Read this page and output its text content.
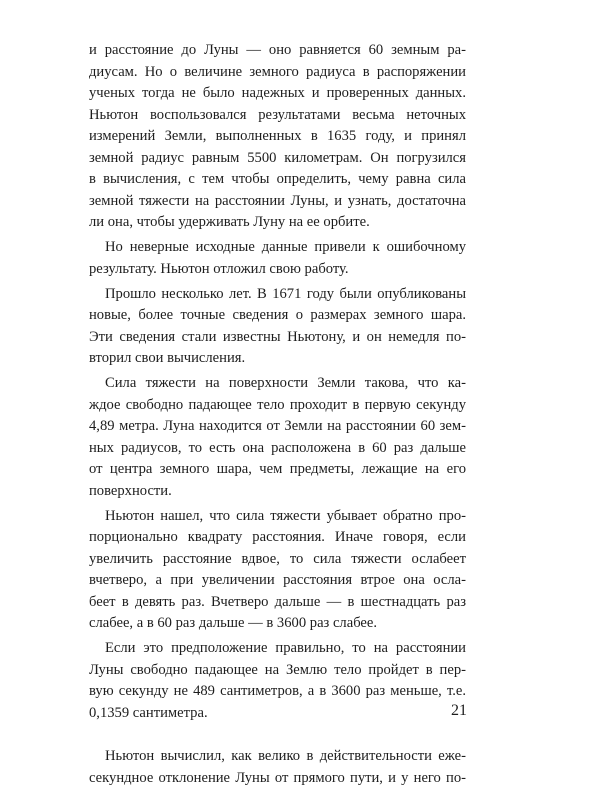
и расстояние до Луны — оно равняется 60 земным ра-
диусам. Но о величине земного радиуса в распоряжении
ученых тогда не было надежных и проверенных данных.
Ньютон воспользовался результатами весьма неточных
измерений Земли, выполненных в 1635 году, и принял
земной радиус равным 5500 километрам. Он погрузился
в вычисления, с тем чтобы определить, чему равна сила
земной тяжести на расстоянии Луны, и узнать, достаточна
ли она, чтобы удерживать Луну на ее орбите.
Но неверные исходные данные привели к ошибочному
результату. Ньютон отложил свою работу.
Прошло несколько лет. В 1671 году были опубликованы
новые, более точные сведения о размерах земного шара.
Эти сведения стали известны Ньютону, и он немедля по-
вторил свои вычисления.
Сила тяжести на поверхности Земли такова, что ка-
ждое свободно падающее тело проходит в первую секунду
4,89 метра. Луна находится от Земли на расстоянии 60 зем-
ных радиусов, то есть она расположена в 60 раз дальше
от центра земного шара, чем предметы, лежащие на его
поверхности.
Ньютон нашел, что сила тяжести убывает обратно про-
порционально квадрату расстояния. Иначе говоря, если
увеличить расстояние вдвое, то сила тяжести ослабеет
вчетверо, а при увеличении расстояния втрое она осла-
беет в девять раз. Вчетверо дальше — в шестнадцать раз
слабее, а в 60 раз дальше — в 3600 раз слабее.
Если это предположение правильно, то на расстоянии
Луны свободно падающее на Землю тело пройдет в пер-
вую секунду не 489 сантиметров, а в 3600 раз меньше, т.е.
0,1359 сантиметра.
Ньютон вычислил, как велико в действительности еже-
секундное отклонение Луны от прямого пути, и у него по-
21
